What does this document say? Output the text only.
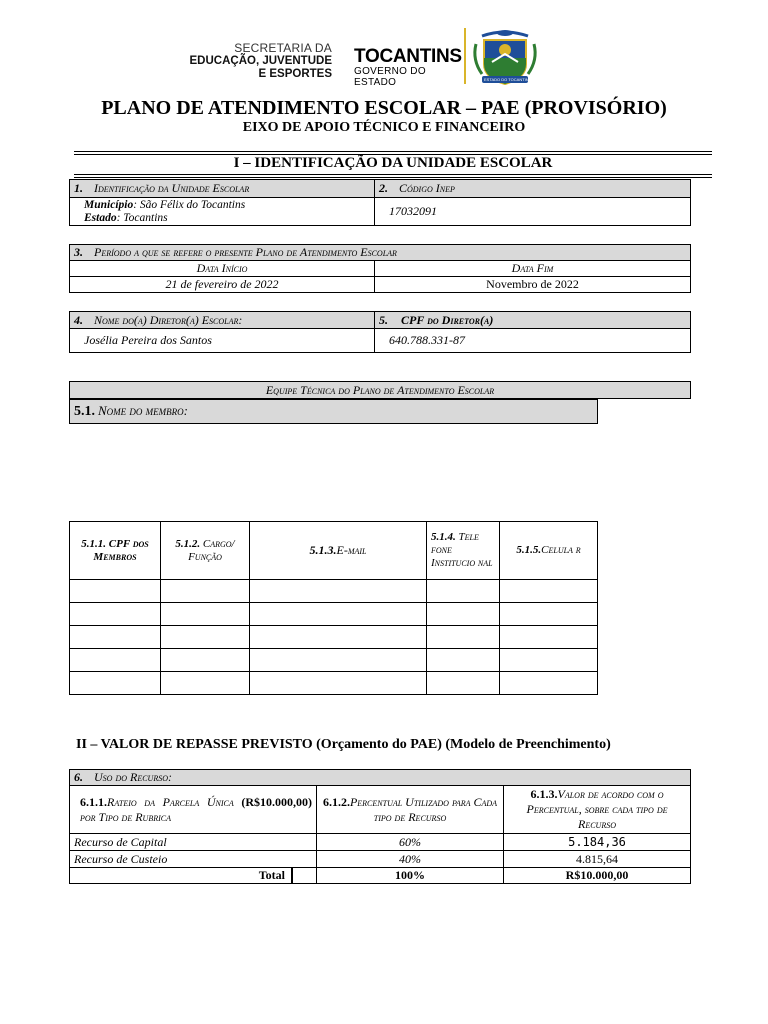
SECRETARIA DA
EDUCAÇÃO, JUVENTUDE
E ESPORTES
TOCANTINS
GOVERNO DO ESTADO	ESTADO DO TOCANTINS
PLANO DE ATENDIMENTO ESCOLAR – PAE (PROVISÓRIO)
EIXO DE APOIO TÉCNICO E FINANCEIRO
I – IDENTIFICAÇÃO DA UNIDADE ESCOLAR
1. Identificação da Unidade Escolar	2. Código Inep

Município: São Félix do Tocantins
Estado: Tocantins	17032091
3. Período a que se refere o presente Plano de Atendimento Escolar	
Data Início	Data Fim
21 de fevereiro de 2022	Novembro de 2022
4. Nome do(a) Diretor(a) Escolar:	5. CPF do Diretor(a)
Josélia Pereira dos Santos	640.788.331-87
Equipe Técnica do Plano de Atendimento Escolar
5.1. Nome do membro:
5.1.1. CPF dos Membros	5.1.2. Cargo/ Função	5.1.3.E-mail	5.1.4. Tele fone Institucio nal	5.1.5.Celula r

II – VALOR DE REPASSE PREVISTO (Orçamento do PAE) (Modelo de Preenchimento)
6. Uso do Recurso:			
6.1.1.Rateio da Parcela Única (R$10.000,00) por Tipo de Rubrica		6.1.2.Percentual Utilizado para Cada tipo de Recurso	6.1.3.Valor de acordo com o Percentual, sobre cada tipo de Recurso
Recurso de Capital		60%	5.184,36
Recurso de Custeio		40%	4.815,64
Total		100%	R$10.000,00
